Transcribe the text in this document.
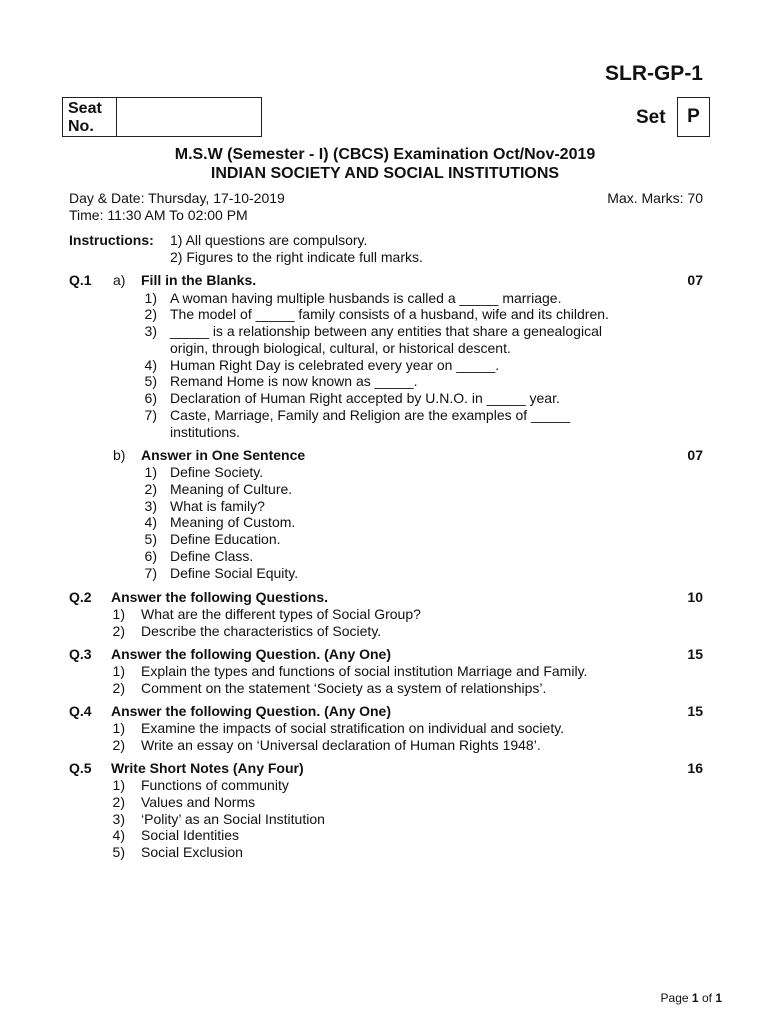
SLR-GP-1
Seat
No.	Set	P
M.S.W (Semester - I) (CBCS) Examination Oct/Nov-2019
INDIAN SOCIETY AND SOCIAL INSTITUTIONS
Day & Date: Thursday, 17-10-2019
Time: 11:30 AM To 02:00 PM
Max. Marks: 70
Instructions: 1) All questions are compulsory.
2) Figures to the right indicate full marks.
Q.1 a) Fill in the Blanks.	07
1) A woman having multiple husbands is called a _____ marriage.
2) The model of _____ family consists of a husband, wife and its children.
3) _____ is a relationship between any entities that share a genealogical
origin, through biological, cultural, or historical descent.
4) Human Right Day is celebrated every year on _____.
5) Remand Home is now known as _____.
6) Declaration of Human Right accepted by U.N.O. in _____ year.
7) Caste, Marriage, Family and Religion are the examples of _____
institutions.
b) Answer in One Sentence	07
1) Define Society.
2) Meaning of Culture.
3) What is family?
4) Meaning of Custom.
5) Define Education.
6) Define Class.
7) Define Social Equity.
Q.2 Answer the following Questions.	10
1) What are the different types of Social Group?
2) Describe the characteristics of Society.
Q.3 Answer the following Question. (Any One)	15
1) Explain the types and functions of social institution Marriage and Family.
2) Comment on the statement ‘Society as a system of relationships’.
Q.4 Answer the following Question. (Any One)	15
1) Examine the impacts of social stratification on individual and society.
2) Write an essay on ‘Universal declaration of Human Rights 1948’.
Q.5 Write Short Notes (Any Four)	16
1) Functions of community
2) Values and Norms
3) ‘Polity’ as an Social Institution
4) Social Identities
5) Social Exclusion
Page 1 of 1
